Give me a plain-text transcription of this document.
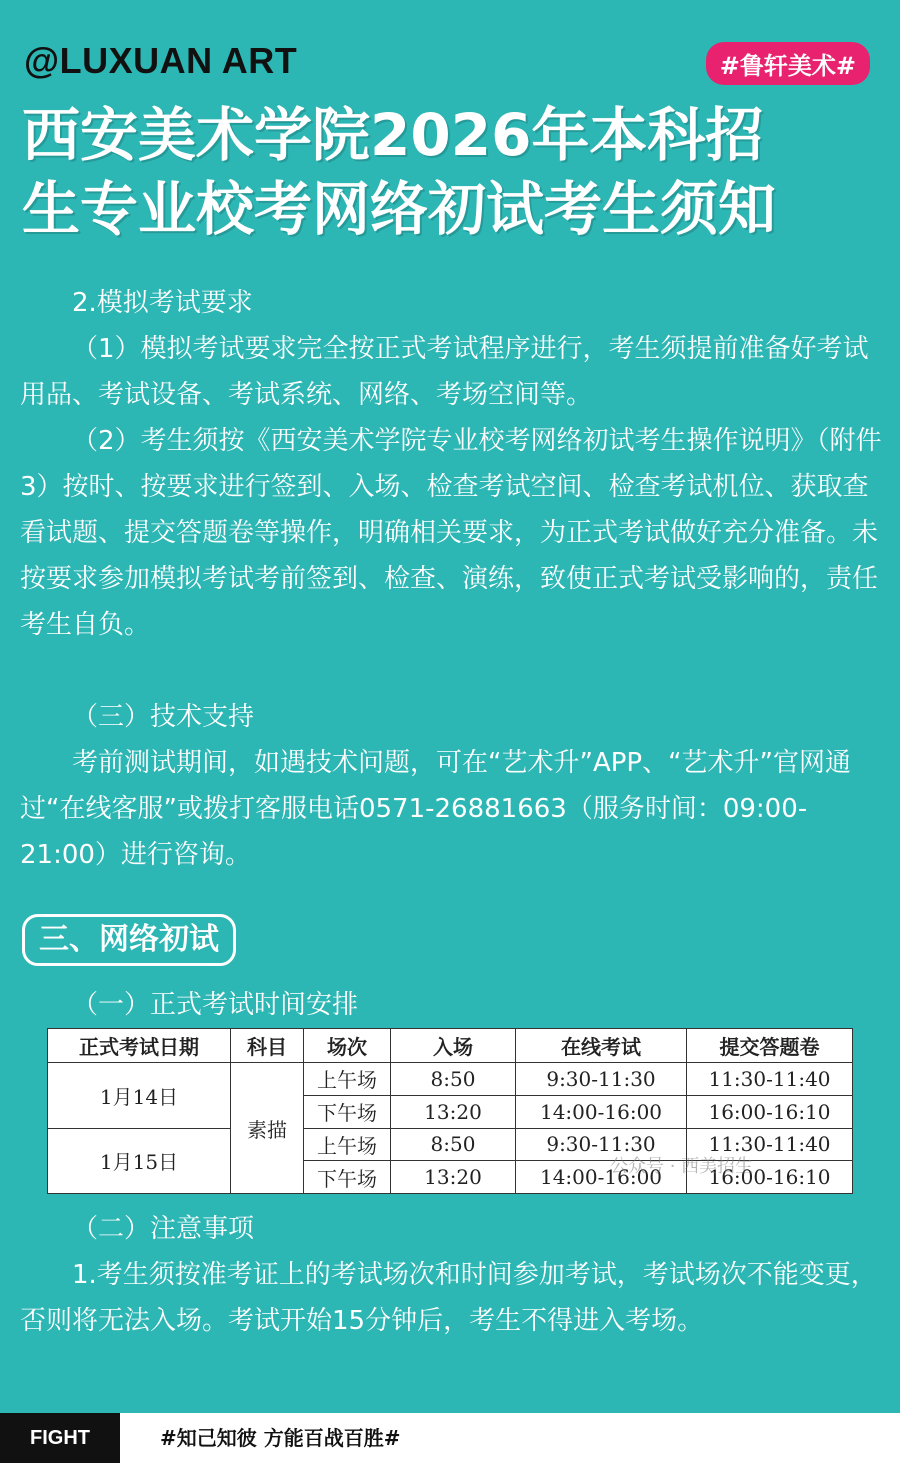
@LUXUAN ART	#鲁轩美术#
西安美术学院2026年本科招
生专业校考网络初试考生须知

2.模拟考试要求

（1）模拟考试要求完全按正式考试程序进行，考生须提前准备好考试用品、考试设备、考试系统、网络、考场空间等。

（2）考生须按《西安美术学院专业校考网络初试考生操作说明》（附件3）按时、按要求进行签到、入场、检查考试空间、检查考试机位、获取查看试题、提交答题卷等操作，明确相关要求，为正式考试做好充分准备。未按要求参加模拟考试考前签到、检查、演练，致使正式考试受影响的，责任考生自负。

（三）技术支持

考前测试期间，如遇技术问题，可在“艺术升”APP、“艺术升”官网通过“在线客服”或拨打客服电话0571-26881663（服务时间：09:00-21:00）进行咨询。

三、网络初试

（一）正式考试时间安排

正式考试日期	科目	场次	入场	在线考试	提交答题卷
1月14日	素描	上午场	8:50	9:30-11:30	11:30-11:40
		下午场	13:20	14:00-16:00	16:00-16:10
1月15日		上午场	8:50	9:30-11:30	11:30-11:40
		下午场	13:20	14:00-16:00	16:00-16:10
公众号 · 西美招生

（二）注意事项

1.考生须按准考证上的考试场次和时间参加考试，考试场次不能变更，否则将无法入场。考试开始15分钟后，考生不得进入考场。

FIGHT	#知己知彼 方能百战百胜#
